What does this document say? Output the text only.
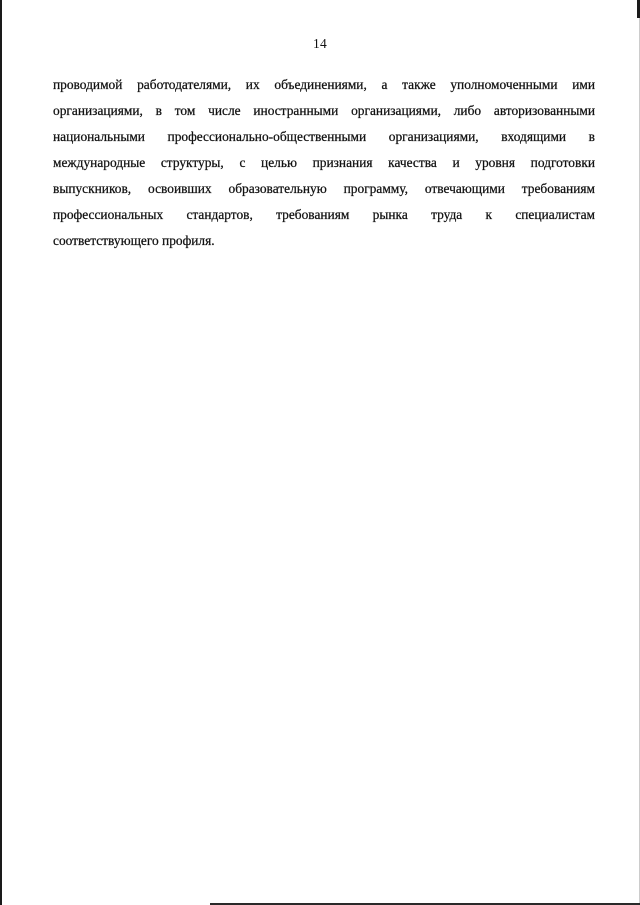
14
проводимой работодателями, их объединениями, а также уполномоченными ими
организациями, в том числе иностранными организациями, либо авторизованными
национальными профессионально-общественными организациями, входящими в
международные структуры, с целью признания качества и уровня подготовки
выпускников, освоивших образовательную программу, отвечающими требованиям
профессиональных стандартов, требованиям рынка труда к специалистам
соответствующего профиля.
